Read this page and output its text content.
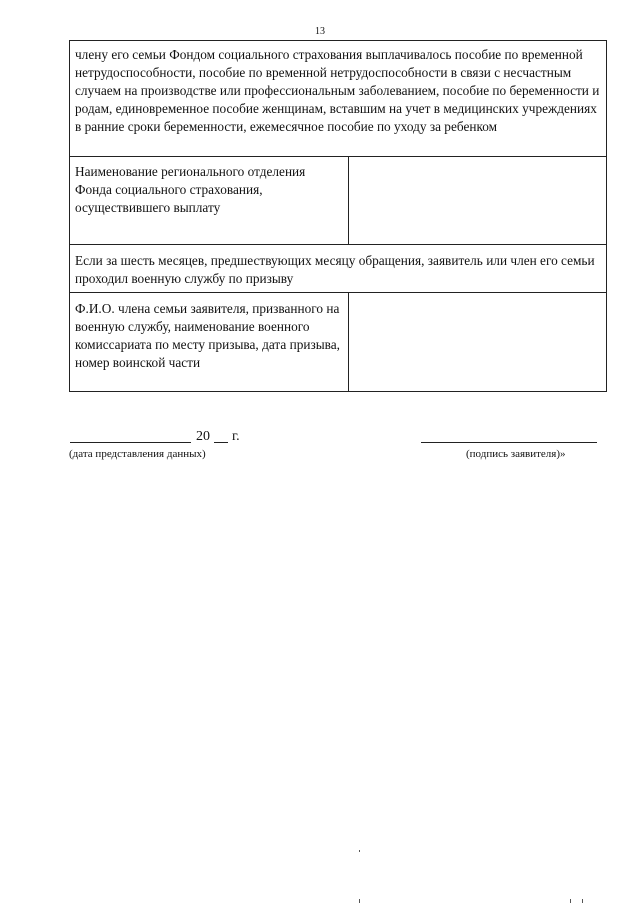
13
члену его семьи Фондом социального страхования выплачивалось пособие по временной нетрудоспособности, пособие по временной нетрудоспособности в связи с несчастным случаем на производстве или профессиональным заболеванием, пособие по беременности и родам, единовременное пособие женщинам, вставшим на учет в медицинских учреждениях в ранние сроки беременности, ежемесячное пособие по уходу за ребенком	
Наименование регионального отделения Фонда социального страхования, осуществившего выплату	
Если за шесть месяцев, предшествующих месяцу обращения, заявитель или член его семьи проходил военную службу по призыву	
Ф.И.О. члена семьи заявителя, призванного на военную службу, наименование военного комиссариата по месту призыва, дата призыва, номер воинской части	
20 г.
(дата представления данных)	(подпись заявителя)»
